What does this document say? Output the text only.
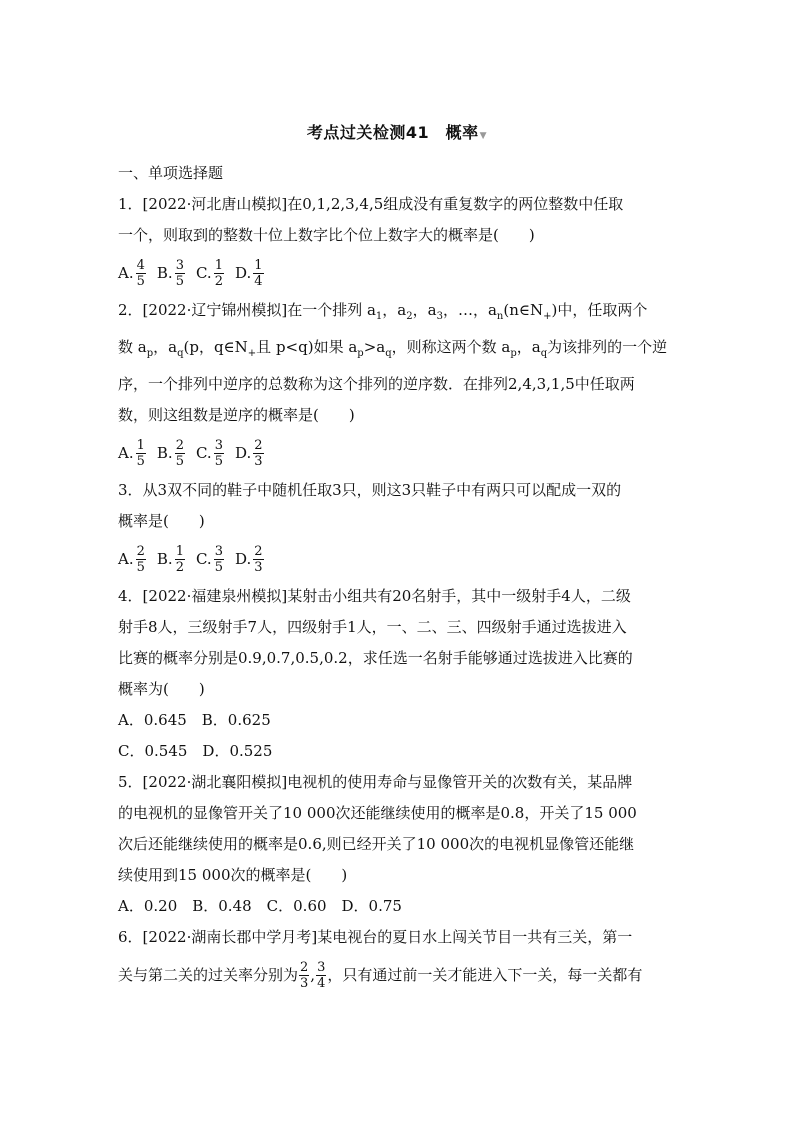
考点过关检测41　概率▼
一、单项选择题
1．[2022·河北唐山模拟]在0,1,2,3,4,5组成没有重复数字的两位整数中任取
一个，则取到的整数十位上数字比个位上数字大的概率是(　　)
A. $\frac{4}{5} B$. $\frac{3}{5} C$. $\frac{1}{2} D$. $\frac{1}{4}$
2．[2022·辽宁锦州模拟]在一个排列 $a_1$，$a_2$，$a_3$，…，$a_n(n\in N_+)$中，任取两个
数 $a_p$，$a_q(p$，$q\in N_+$且 p<q)如果 $a_p>a_q$，则称这两个数 $a_p$，$a_q$为该排列的一个逆
序，一个排列中逆序的总数称为这个排列的逆序数．在排列2,4,3,1,5中任取两
数，则这组数是逆序的概率是(　　)
A. $\frac{1}{5} B$. $\frac{2}{5} C$. $\frac{3}{5} D$. $\frac{2}{3}$
3．从3双不同的鞋子中随机任取3只，则这3只鞋子中有两只可以配成一双的
概率是(　　)
A. $\frac{2}{5} B$. $\frac{1}{2} C$. $\frac{3}{5} D$. $\frac{2}{3}$
4．[2022·福建泉州模拟]某射击小组共有20名射手，其中一级射手4人，二级
射手8人，三级射手7人，四级射手1人，一、二、三、四级射手通过选拔进入
比赛的概率分别是0.9,0.7,0.5,0.2，求任选一名射手能够通过选拔进入比赛的
概率为(　　)
A．0.645　B．0.625
C．0.545　D．0.525
5．[2022·湖北襄阳模拟]电视机的使用寿命与显像管开关的次数有关，某品牌
的电视机的显像管开关了10 000次还能继续使用的概率是0.8，开关了15 000
次后还能继续使用的概率是0.6,则已经开关了10 000次的电视机显像管还能继
续使用到15 000次的概率是(　　)
A．0.20　B．0.48　C．0.60　D．0.75
6．[2022·湖南长郡中学月考]某电视台的夏日水上闯关节目一共有三关，第一
关与第二关的过关率分别为 $\frac{2}{3}$ , $\frac{3}{4}$ ，只有通过前一关才能进入下一关，每一关都有
